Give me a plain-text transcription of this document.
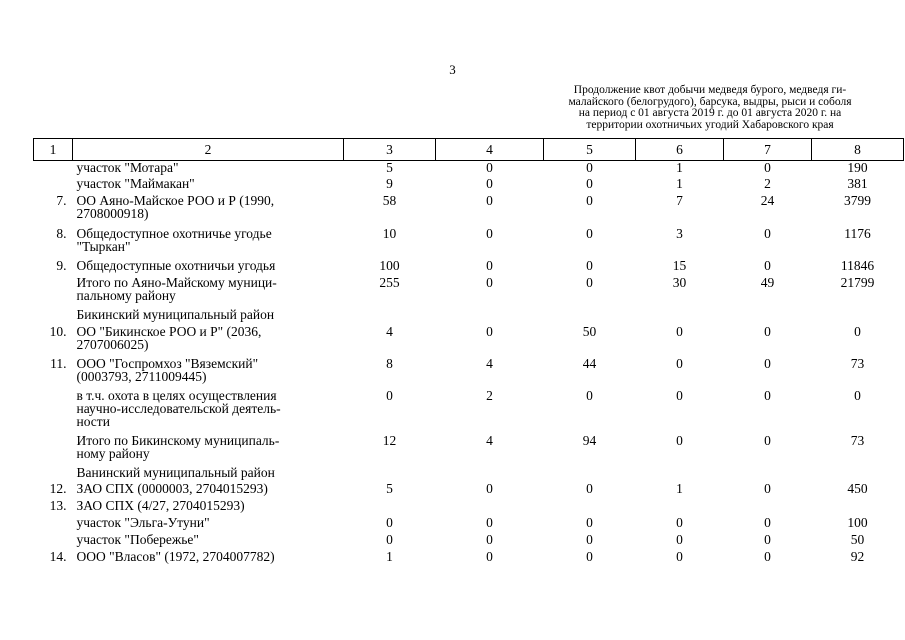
3
Продолжение квот добычи медведя бурого, медведя ги-
малайского (белогрудого), барсука, выдры, рыси и соболя
на период с 01 августа 2019 г. до 01 августа 2020 г. на
территории охотничьих угодий Хабаровского края
1	2	3	4	5	6	7	8

	участок "Мотара"	5	0	0	1	0	190

	участок "Маймакан"	9	0	0	1	2	381
7.	ОО Аяно-Майское РОО и Р (1990,
2708000918)	58	0	0	7	24	3799
8.	Общедоступное охотничье угодье
"Тыркан"	10	0	0	3	0	1176
9.	Общедоступные охотничьи угодья	100	0	0	15	0	11846

	Итого по Аяно-Майскому муници-
пальному району	255	0	0	30	49	21799

	Бикинский муниципальный район						

10.	ОО "Бикинское РОО и Р" (2036,
2707006025)	4	0	50	0	0	0
11.	ООО "Госпромхоз "Вяземский"
(0003793, 2711009445)	8	4	44	0	0	73

	в т.ч. охота в целях осуществления
научно-исследовательской деятель-
ности	0	2	0	0	0	0

	Итого по Бикинскому муниципаль-
ному району	12	4	94	0	0	73

	Ванинский муниципальный район						

12.	ЗАО СПХ (0000003, 2704015293)	5	0	0	1	0	450
13.	ЗАО СПХ (4/27, 2704015293)						

	участок "Эльга-Утуни"	0	0	0	0	0	100

	участок "Побережье"	0	0	0	0	0	50
14.	ООО "Власов" (1972, 2704007782)	1	0	0	0	0	92
